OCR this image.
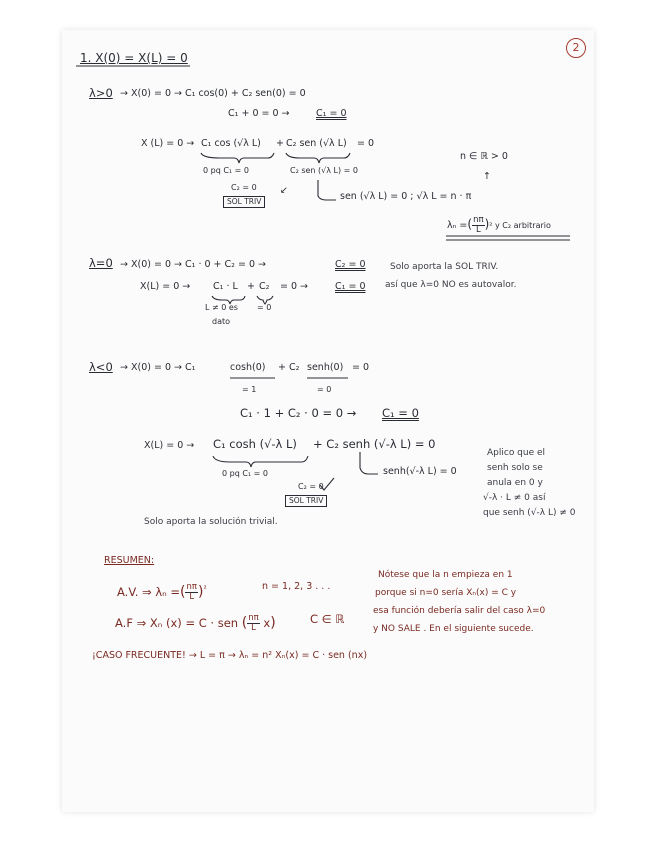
2
1. X(0) = X(L) = 0
λ>0 → X(0) = 0 → C₁ cos(0) + C₂ sen(0) = 0
C₁ + 0 = 0 →	C₁ = 0
X (L) = 0 → C₁ cos (√λ L) + C₂ sen (√λ L) = 0
0 pq C₁ = 0	C₂ sen (√λ L) = 0
C₂ = 0
SOL TRIV
↙
sen (√λ L) = 0 ; √λ L = n · π
n ∈ ℝ > 0
↑
λₙ =( $\frac{n\pi}{L} )^2$ y C₂ arbitrario
λ=0 → X(0) = 0 → C₁ · 0 + C₂ = 0 →	C₂ = 0
X(L) = 0 → C₁ · L + C₂ = 0 →	C₁ = 0
L ≠ 0 es
dato
= 0
Solo aporta la SOL TRIV.
así que λ=0 NO es autovalor.
λ<0 → X(0) = 0 → C₁	cosh(0) + C₂ senh(0) = 0
= 1	= 0
C₁ · 1 + C₂ · 0 = 0 → C₁ = 0
X(L) = 0 → C₁ cosh (√-λ L) + C₂ senh (√-λ L) = 0
0 pq C₁ = 0
C₂ = 0
SOL TRIV
senh(√-λ L) = 0
Aplico que el
senh solo se
anula en 0 y
√-λ · L ≠ 0 así
que senh (√-λ L) ≠ 0
Solo aporta la solución trivial.
RESUMEN:
A.V. ⇒ λₙ =( $\frac{n\pi}{L} )^{^2}$	n = 1, 2, 3 . . .
A.F ⇒ Xₙ (x) = C · sen ( $\frac{n\pi}{L} x$)	C ∈ ℝ
Nótese que la n empieza en 1
porque si n=0 sería Xₙ(x) = C y
esa función debería salir del caso λ=0
y NO SALE . En el siguiente sucede.
¡CASO FRECUENTE! → L = π → λₙ = n² Xₙ(x) = C · sen (nx)
